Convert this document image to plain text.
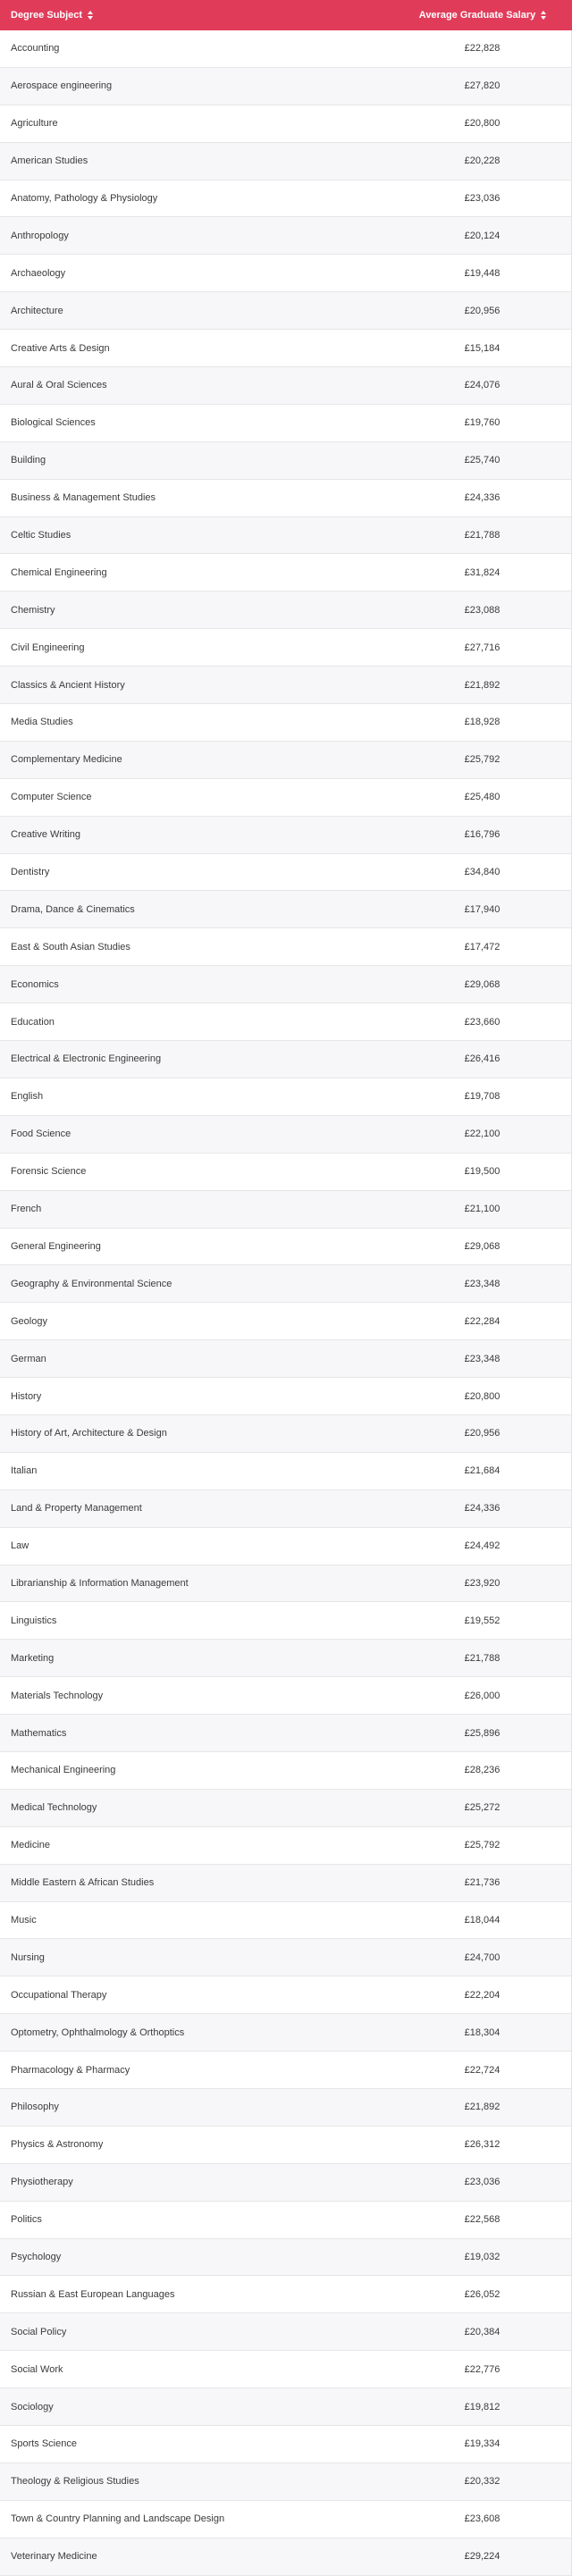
Degree Subject	Average Graduate Salary
Accounting	£22,828
Aerospace engineering	£27,820
Agriculture	£20,800
American Studies	£20,228
Anatomy, Pathology & Physiology	£23,036
Anthropology	£20,124
Archaeology	£19,448
Architecture	£20,956
Creative Arts & Design	£15,184
Aural & Oral Sciences	£24,076
Biological Sciences	£19,760
Building	£25,740
Business & Management Studies	£24,336
Celtic Studies	£21,788
Chemical Engineering	£31,824
Chemistry	£23,088
Civil Engineering	£27,716
Classics & Ancient History	£21,892
Media Studies	£18,928
Complementary Medicine	£25,792
Computer Science	£25,480
Creative Writing	£16,796
Dentistry	£34,840
Drama, Dance & Cinematics	£17,940
East & South Asian Studies	£17,472
Economics	£29,068
Education	£23,660
Electrical & Electronic Engineering	£26,416
English	£19,708
Food Science	£22,100
Forensic Science	£19,500
French	£21,100
General Engineering	£29,068
Geography & Environmental Science	£23,348
Geology	£22,284
German	£23,348
History	£20,800
History of Art, Architecture & Design	£20,956
Italian	£21,684
Land & Property Management	£24,336
Law	£24,492
Librarianship & Information Management	£23,920
Linguistics	£19,552
Marketing	£21,788
Materials Technology	£26,000
Mathematics	£25,896
Mechanical Engineering	£28,236
Medical Technology	£25,272
Medicine	£25,792
Middle Eastern & African Studies	£21,736
Music	£18,044
Nursing	£24,700
Occupational Therapy	£22,204
Optometry, Ophthalmology & Orthoptics	£18,304
Pharmacology & Pharmacy	£22,724
Philosophy	£21,892
Physics & Astronomy	£26,312
Physiotherapy	£23,036
Politics	£22,568
Psychology	£19,032
Russian & East European Languages	£26,052
Social Policy	£20,384
Social Work	£22,776
Sociology	£19,812
Sports Science	£19,334
Theology & Religious Studies	£20,332
Town & Country Planning and Landscape Design	£23,608
Veterinary Medicine	£29,224
